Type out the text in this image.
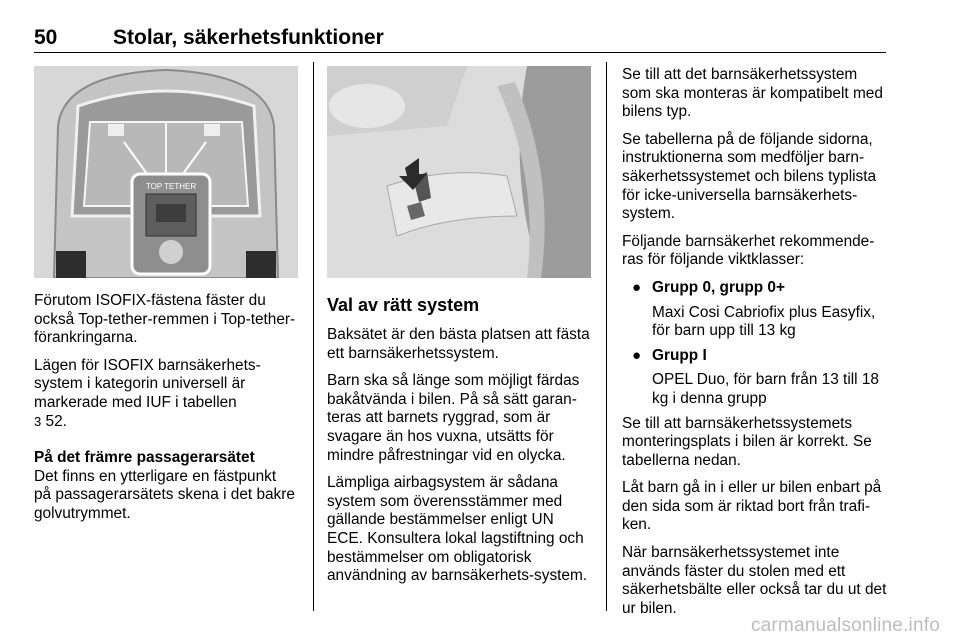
50	Stolar, säkerhetsfunktioner
TOP TETHER

Förutom ISOFIX-fästena fäster du också Top-tether-remmen i Top-tether-förankringarna.

Lägen för ISOFIX barnsäkerhets-system i kategorin universell är markerade med IUF i tabellen
3 52.

På det främre passagerarsätet

Det finns en ytterligare en fästpunkt på passagerarsätets skena i det bakre golvutrymmet.

Val av rätt system

Baksätet är den bästa platsen att fästa ett barnsäkerhetssystem.

Barn ska så länge som möjligt färdas bakåtvända i bilen. På så sätt garan-teras att barnets ryggrad, som är svagare än hos vuxna, utsätts för mindre påfrestningar vid en olycka.

Lämpliga airbagsystem är sådana system som överensstämmer med gällande bestämmelser enligt UN ECE. Konsultera lokal lagstiftning och bestämmelser om obligatorisk användning av barnsäkerhets-system.

Se till att det barnsäkerhetssystem som ska monteras är kompatibelt med bilens typ.

Se tabellerna på de följande sidorna, instruktionerna som medföljer barn-säkerhetssystemet och bilens typlista för icke-universella barnsäkerhets-system.

Följande barnsäkerhet rekommende-ras för följande viktklasser:

● Grupp 0, grupp 0+
Maxi Cosi Cabriofix plus Easyfix, för barn upp till 13 kg
● Grupp I
OPEL Duo, för barn från 13 till 18 kg i denna grupp

Se till att barnsäkerhetssystemets monteringsplats i bilen är korrekt. Se tabellerna nedan.

Låt barn gå in i eller ur bilen enbart på den sida som är riktad bort från trafi-ken.

När barnsäkerhetssystemet inte används fäster du stolen med ett säkerhetsbälte eller också tar du ut det ur bilen.

carmanualsonline.info
